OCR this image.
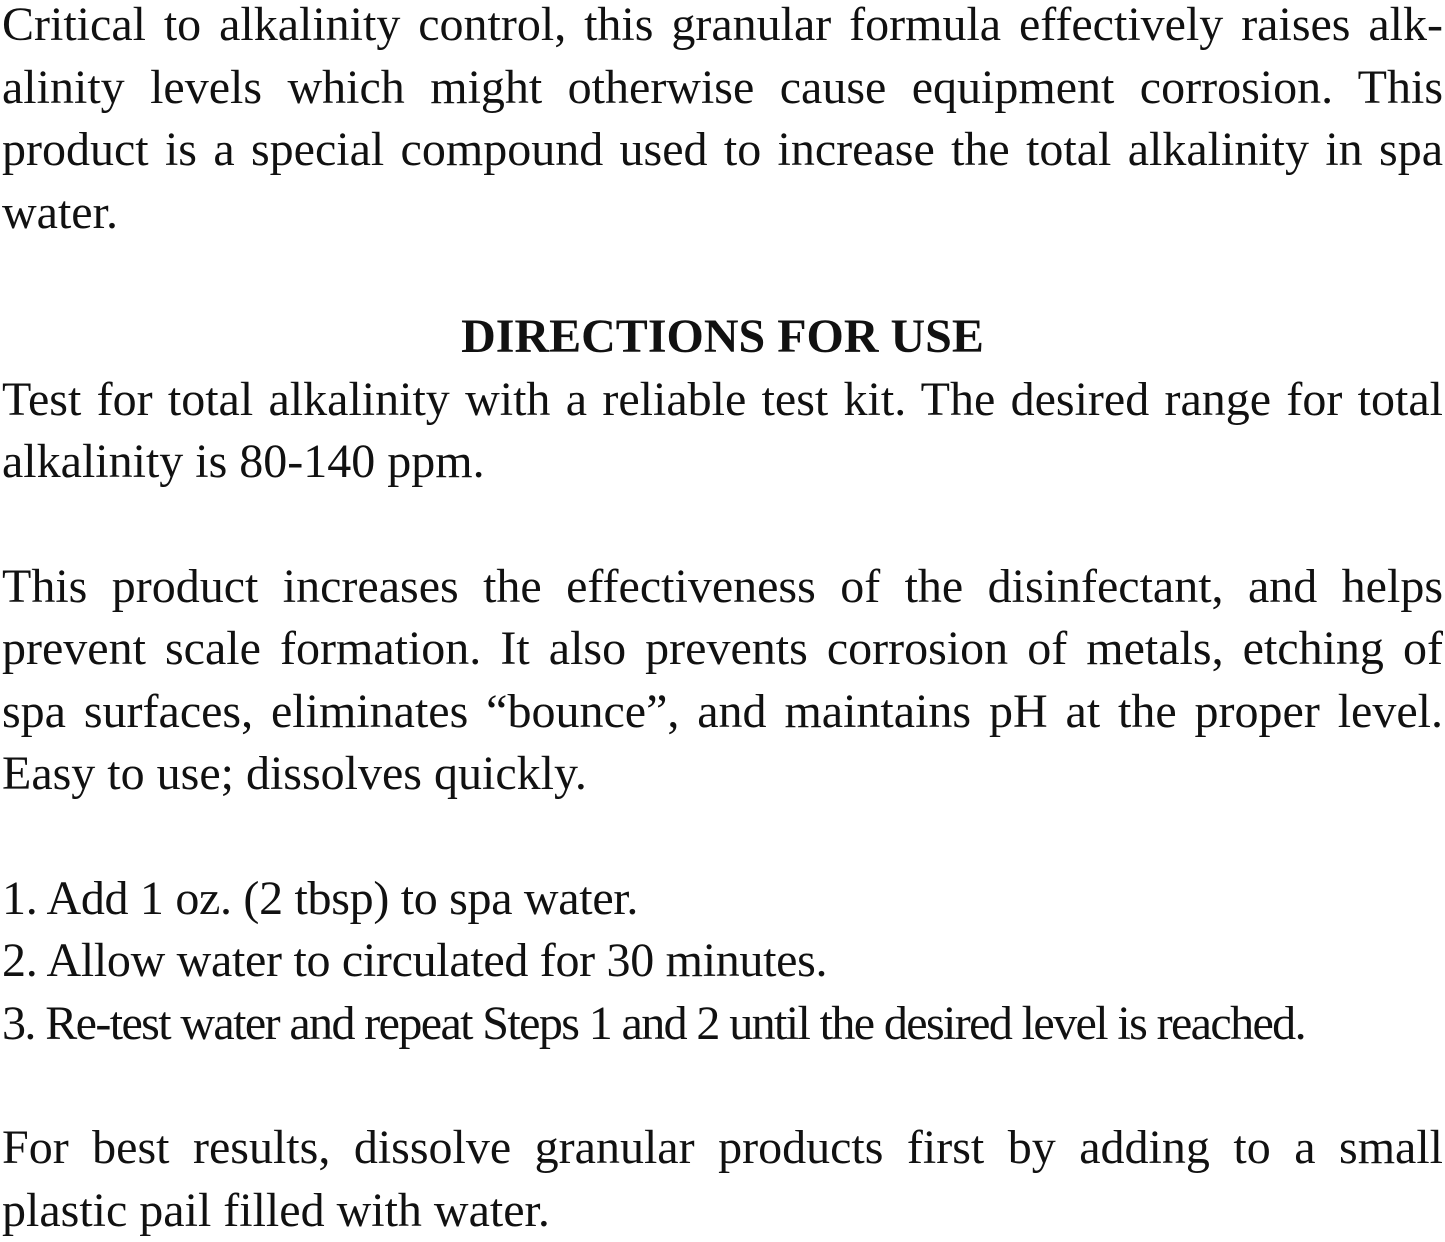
Critical to alkalinity control, this granular formula effectively raises alkalinity levels which might otherwise cause equipment corrosion. This product is a special compound used to increase the total alkalinity in spa water.

DIRECTIONS FOR USE

Test for total alkalinity with a reliable test kit. The desired range for total alkalinity is 80-140 ppm.

This product increases the effectiveness of the disinfectant, and helps prevent scale formation. It also prevents corrosion of metals, etching of spa surfaces, eliminates “bounce”, and maintains pH at the proper level. Easy to use; dissolves quickly.

1. Add 1 oz. (2 tbsp) to spa water.
2. Allow water to circulated for 30 minutes.
3. Re-test water and repeat Steps 1 and 2 until the desired level is reached.

For best results, dissolve granular products first by adding to a small plastic pail filled with water.
